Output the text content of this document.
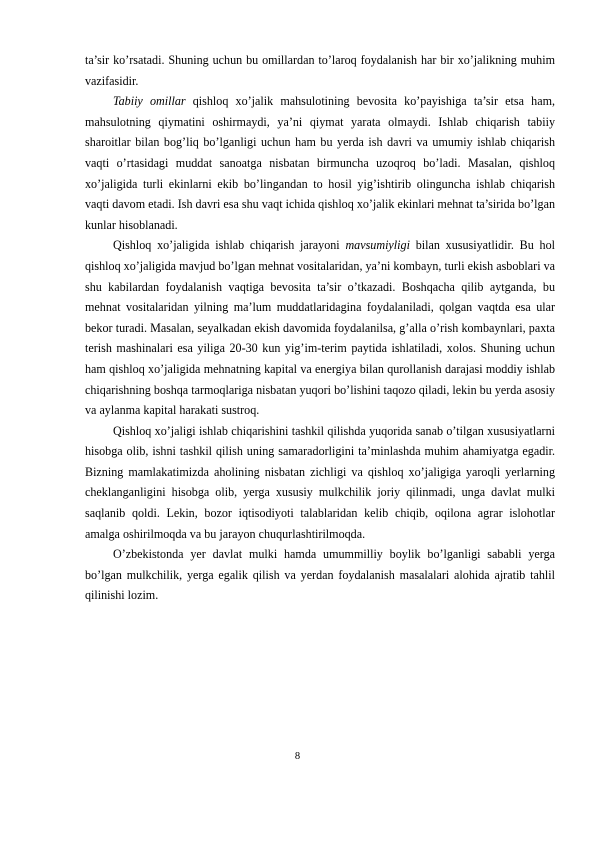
ta’sir ko’rsatadi. Shuning uchun bu omillardan to’laroq foydalanish har bir xo’jalikning muhim vazifasidir.

Tabiiy omillar qishloq xo’jalik mahsulotining bevosita ko’payishiga ta’sir etsa ham, mahsulotning qiymatini oshirmaydi, ya’ni qiymat yarata olmaydi. Ishlab chiqarish tabiiy sharoitlar bilan bog’liq bo’lganligi uchun ham bu yerda ish davri va umumiy ishlab chiqarish vaqti o’rtasidagi muddat sanoatga nisbatan birmuncha uzoqroq bo’ladi. Masalan, qishloq xo’jaligida turli ekinlarni ekib bo’lingandan to hosil yig’ishtirib olinguncha ishlab chiqarish vaqti davom etadi. Ish davri esa shu vaqt ichida qishloq xo’jalik ekinlari mehnat ta’sirida bo’lgan kunlar hisoblanadi.

Qishloq xo’jaligida ishlab chiqarish jarayoni mavsumiyligi bilan xususiyatlidir. Bu hol qishloq xo’jaligida mavjud bo’lgan mehnat vositalaridan, ya’ni kombayn, turli ekish asboblari va shu kabilardan foydalanish vaqtiga bevosita ta’sir o’tkazadi. Boshqacha qilib aytganda, bu mehnat vositalaridan yilning ma’lum muddatlaridagina foydalaniladi, qolgan vaqtda esa ular bekor turadi. Masalan, seyalkadan ekish davomida foydalanilsa, g’alla o’rish kombaynlari, paxta terish mashinalari esa yiliga 20-30 kun yig’im-terim paytida ishlatiladi, xolos. Shuning uchun ham qishloq xo’jaligida mehnatning kapital va energiya bilan qurollanish darajasi moddiy ishlab chiqarishning boshqa tarmoqlariga nisbatan yuqori bo’lishini taqozo qiladi, lekin bu yerda asosiy va aylanma kapital harakati sustroq.

Qishloq xo’jaligi ishlab chiqarishini tashkil qilishda yuqorida sanab o’tilgan xususiyatlarni hisobga olib, ishni tashkil qilish uning samaradorligini ta’minlashda muhim ahamiyatga egadir. Bizning mamlakatimizda aholining nisbatan zichligi va qishloq xo’jaligiga yaroqli yerlarning cheklanganligini hisobga olib, yerga xususiy mulkchilik joriy qilinmadi, unga davlat mulki saqlanib qoldi. Lekin, bozor iqtisodiyoti talablaridan kelib chiqib, oqilona agrar islohotlar amalga oshirilmoqda va bu jarayon chuqurlashtirilmoqda.

O’zbekistonda yer davlat mulki hamda umummilliy boylik bo’lganligi sababli yerga bo’lgan mulkchilik, yerga egalik qilish va yerdan foydalanish masalalari alohida ajratib tahlil qilinishi lozim.

8
